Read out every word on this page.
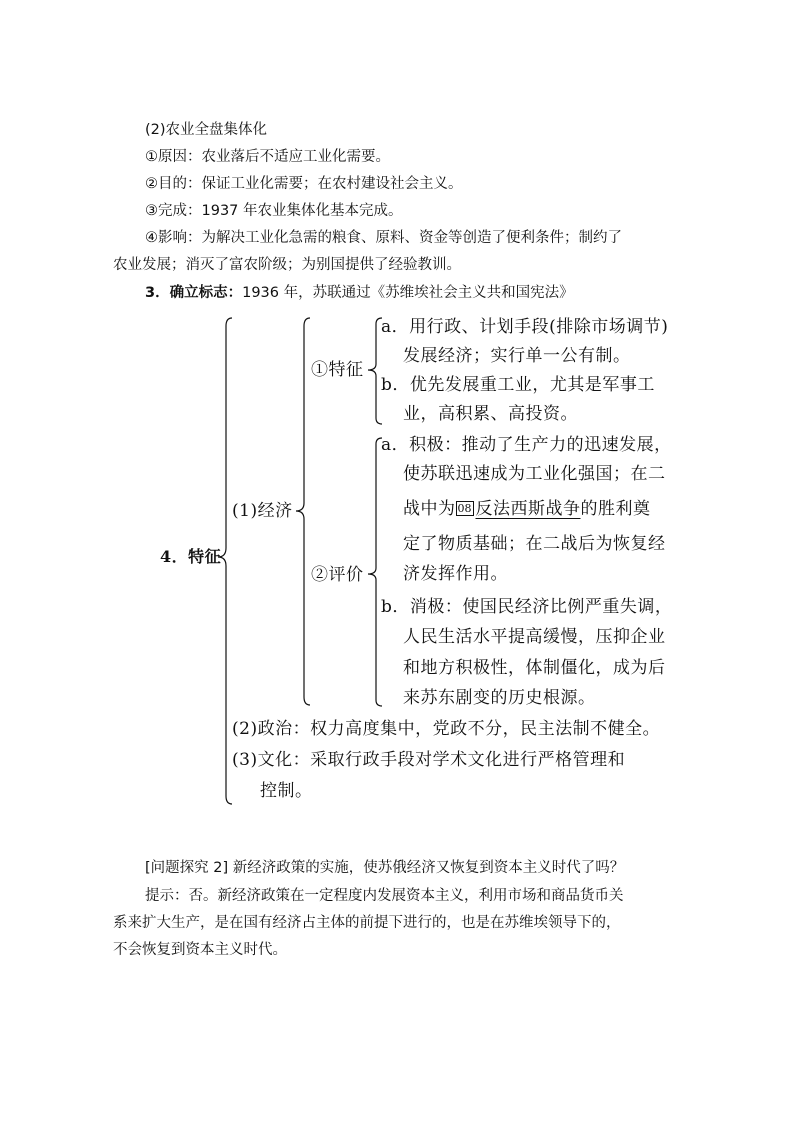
(2)农业全盘集体化
①原因：农业落后不适应工业化需要。
②目的：保证工业化需要；在农村建设社会主义。
③完成：1937 年农业集体化基本完成。
④影响：为解决工业化急需的粮食、原料、资金等创造了便利条件；制约了
农业发展；消灭了富农阶级；为别国提供了经验教训。
3．确立标志：1936 年，苏联通过《苏维埃社会主义共和国宪法》
4．特征
(1)经济
①特征
②评价
a．用行政、计划手段(排除市场调节)
发展经济；实行单一公有制。
b．优先发展重工业，尤其是军事工
业，高积累、高投资。
a．积极：推动了生产力的迅速发展，
使苏联迅速成为工业化强国；在二
战中为 08 反法西斯战争的胜利奠
定了物质基础；在二战后为恢复经
济发挥作用。
b．消极：使国民经济比例严重失调，
人民生活水平提高缓慢，压抑企业
和地方积极性，体制僵化，成为后
来苏东剧变的历史根源。
(2)政治：权力高度集中，党政不分，民主法制不健全。
(3)文化：采取行政手段对学术文化进行严格管理和
控制。
[问题探究 2] 新经济政策的实施，使苏俄经济又恢复到资本主义时代了吗？
提示：否。新经济政策在一定程度内发展资本主义，利用市场和商品货币关
系来扩大生产，是在国有经济占主体的前提下进行的，也是在苏维埃领导下的，
不会恢复到资本主义时代。
